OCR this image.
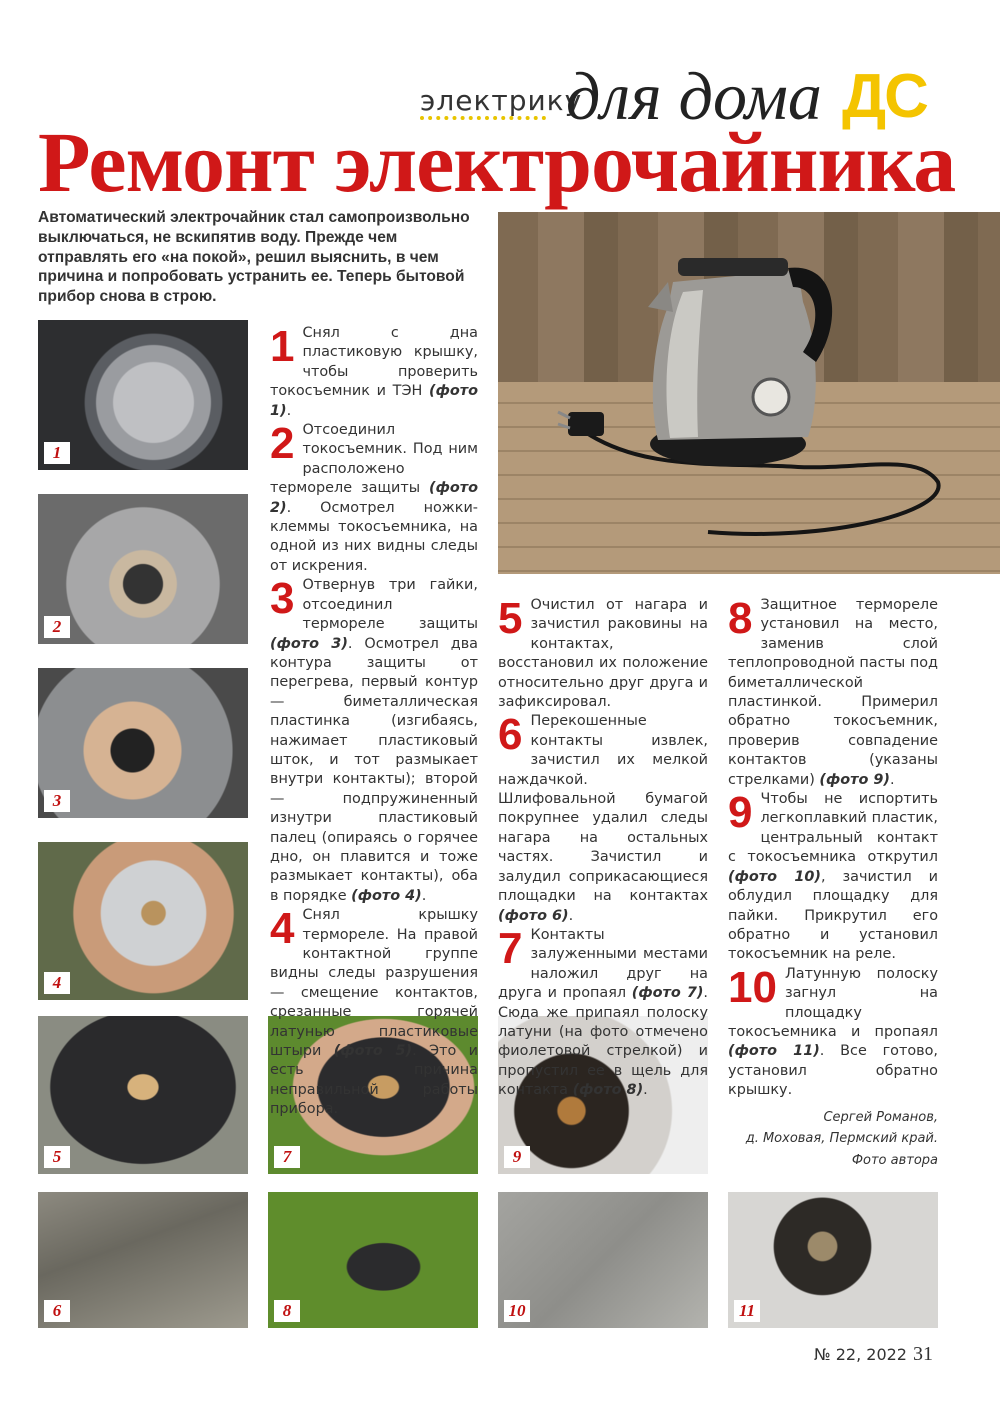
электрику
для дома ДС
Ремонт электрочайника
Автоматический электрочайник стал самопроизвольно выключаться, не вскипятив воду. Прежде чем отправлять его «на покой», решил выяснить, в чем причина и попробовать устранить ее. Теперь бытовой прибор снова в строю.
1
2
3
4
5
6
7
8
9
10	11

1 Снял с дна пластиковую крышку, чтобы проверить токосъемник и ТЭН (фото 1).

2 Отсоединил токосъемник. Под ним расположено термореле защиты (фото 2). Осмотрел ножки-клеммы токосъемника, на одной из них видны следы от искрения.

3 Отвернув три гайки, отсоединил термореле защиты (фото 3). Осмотрел два контура защиты от перегрева, первый контур — биметаллическая пластинка (изгибаясь, нажимает пластиковый шток, и тот размыкает внутри контакты); второй — подпружиненный изнутри пластиковый палец (опираясь о горячее дно, он плавится и тоже размыкает контакты), оба в порядке (фото 4).

4 Снял крышку термореле. На правой контактной группе видны следы разрушения — смещение контактов, срезанные горячей латунью пластиковые штыри (фото 5). Это и есть причина неправильной работы прибора.

5 Очистил от нагара и зачистил раковины на контактах, восстановил их положение относительно друг друга и зафиксировал.

6 Перекошенные контакты извлек, зачистил их мелкой наждачкой. Шлифовальной бумагой покрупнее удалил следы нагара на остальных частях. Зачистил и залудил соприкасающиеся площадки на контактах (фото 6).

7 Контакты залуженными местами наложил друг на друга и пропаял (фото 7). Сюда же припаял полоску латуни (на фото отмечено фиолетовой стрелкой) и пропустил ее в щель для контакта (фото 8).

8 Защитное термореле установил на место, заменив слой теплопроводной пасты под биметаллической пластинкой. Примерил обратно токосъемник, проверив совпадение контактов (указаны стрелками) (фото 9).

9 Чтобы не испортить легкоплавкий пластик, центральный контакт с токосъемника открутил (фото 10), зачистил и облудил площадку для пайки. Прикрутил его обратно и установил токосъемник на реле.

10 Латунную полоску загнул на площадку токосъемника и пропаял (фото 11). Все готово, установил обратно крышку.

Сергей Романов,
д. Моховая, Пермский край.
Фото автора
№ 22, 2022 31
